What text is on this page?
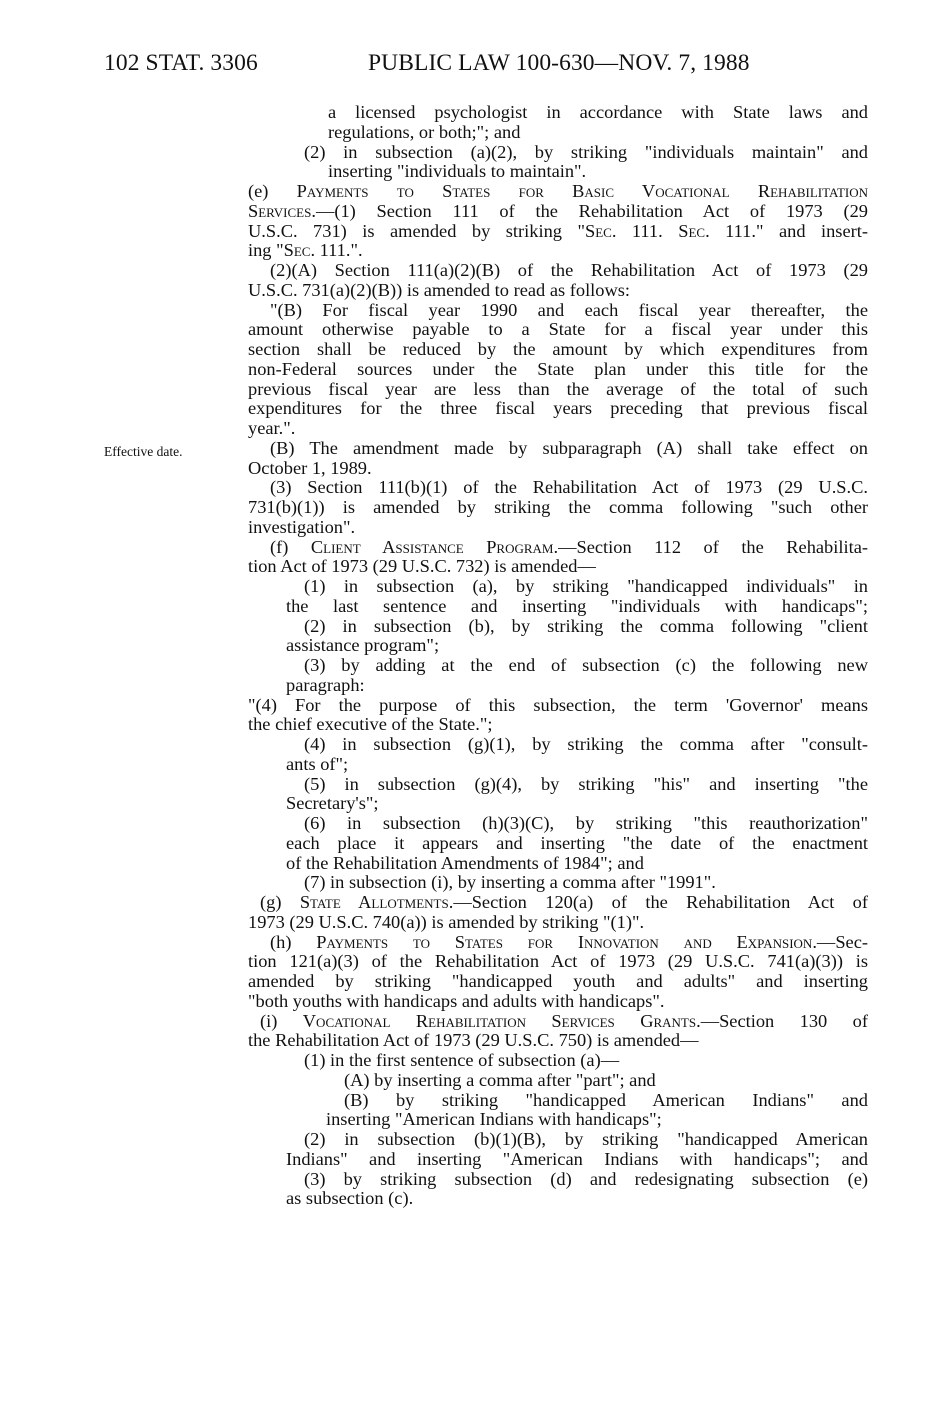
102 STAT. 3306	PUBLIC LAW 100-630—NOV. 7, 1988
Effective date.
a licensed psychologist in accordance with State laws and
regulations, or both;"; and
(2) in subsection (a)(2), by striking "individuals maintain" and
inserting "individuals to maintain".
(e) Payments to States for Basic Vocational Rehabilitation
Services.—(1) Section 111 of the Rehabilitation Act of 1973 (29
U.S.C. 731) is amended by striking "Sec. 111. Sec. 111." and insert-
ing "Sec. 111.".
(2)(A) Section 111(a)(2)(B) of the Rehabilitation Act of 1973 (29
U.S.C. 731(a)(2)(B)) is amended to read as follows:
"(B) For fiscal year 1990 and each fiscal year thereafter, the
amount otherwise payable to a State for a fiscal year under this
section shall be reduced by the amount by which expenditures from
non-Federal sources under the State plan under this title for the
previous fiscal year are less than the average of the total of such
expenditures for the three fiscal years preceding that previous fiscal
year.".
(B) The amendment made by subparagraph (A) shall take effect on
October 1, 1989.
(3) Section 111(b)(1) of the Rehabilitation Act of 1973 (29 U.S.C.
731(b)(1)) is amended by striking the comma following "such other
investigation".
(f) Client Assistance Program.—Section 112 of the Rehabilita-
tion Act of 1973 (29 U.S.C. 732) is amended—
(1) in subsection (a), by striking "handicapped individuals" in
the last sentence and inserting "individuals with handicaps";
(2) in subsection (b), by striking the comma following "client
assistance program";
(3) by adding at the end of subsection (c) the following new
paragraph:
"(4) For the purpose of this subsection, the term 'Governor' means
the chief executive of the State.";
(4) in subsection (g)(1), by striking the comma after "consult-
ants of";
(5) in subsection (g)(4), by striking "his" and inserting "the
Secretary's";
(6) in subsection (h)(3)(C), by striking "this reauthorization"
each place it appears and inserting "the date of the enactment
of the Rehabilitation Amendments of 1984"; and
(7) in subsection (i), by inserting a comma after "1991".
(g) State Allotments.—Section 120(a) of the Rehabilitation Act of
1973 (29 U.S.C. 740(a)) is amended by striking "(1)".
(h) Payments to States for Innovation and Expansion.—Sec-
tion 121(a)(3) of the Rehabilitation Act of 1973 (29 U.S.C. 741(a)(3)) is
amended by striking "handicapped youth and adults" and inserting
"both youths with handicaps and adults with handicaps".
(i) Vocational Rehabilitation Services Grants.—Section 130 of
the Rehabilitation Act of 1973 (29 U.S.C. 750) is amended—
(1) in the first sentence of subsection (a)—
(A) by inserting a comma after "part"; and
(B) by striking "handicapped American Indians" and
inserting "American Indians with handicaps";
(2) in subsection (b)(1)(B), by striking "handicapped American
Indians" and inserting "American Indians with handicaps"; and
(3) by striking subsection (d) and redesignating subsection (e)
as subsection (c).
